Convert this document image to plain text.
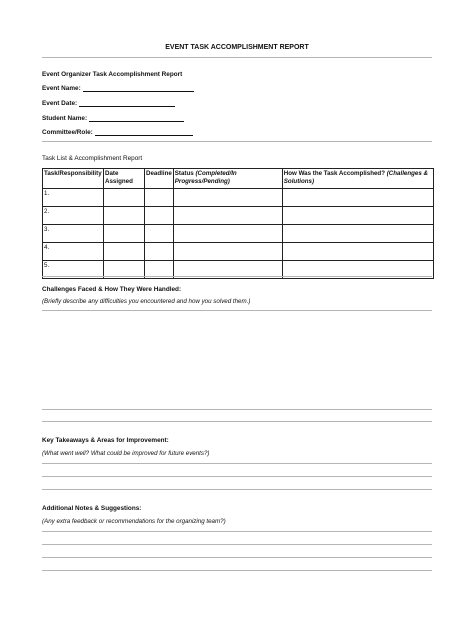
EVENT TASK ACCOMPLISHMENT REPORT
Event Organizer Task Accomplishment Report
Event Name:
Event Date:
Student Name:
Committee/Role:
Task List & Accomplishment Report
Task/Responsibility	Date Assigned	Deadline	Status (Completed/In Progress/Pending)	How Was the Task Accomplished? (Challenges & Solutions)
1.				
2.				
3.				
4.				
5.				
Challenges Faced & How They Were Handled:
(Briefly describe any difficulties you encountered and how you solved them.)
Key Takeaways & Areas for Improvement:
(What went well? What could be improved for future events?)
Additional Notes & Suggestions:
(Any extra feedback or recommendations for the organizing team?)
